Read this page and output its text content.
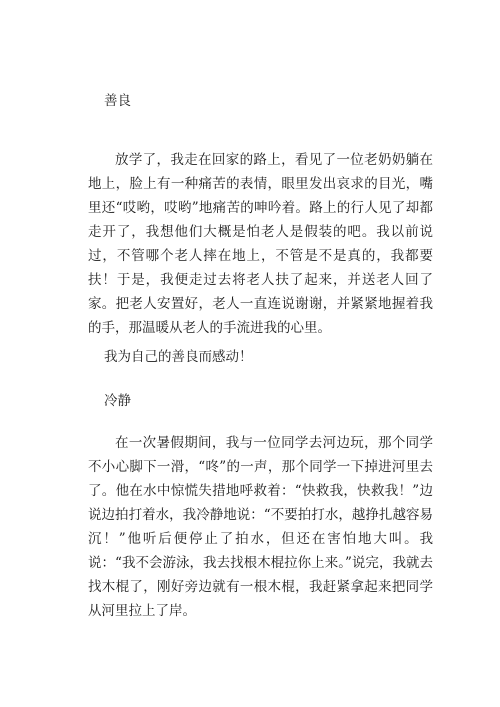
善良

放学了，我走在回家的路上，看见了一位老奶奶躺在地上，脸上有一种痛苦的表情，眼里发出哀求的目光，嘴里还“哎哟，哎哟”地痛苦的呻吟着。路上的行人见了却都走开了，我想他们大概是怕老人是假装的吧。我以前说过，不管哪个老人摔在地上，不管是不是真的，我都要扶！于是，我便走过去将老人扶了起来，并送老人回了家。把老人安置好，老人一直连说谢谢，并紧紧地握着我的手，那温暖从老人的手流进我的心里。

我为自己的善良而感动！
冷静

在一次暑假期间，我与一位同学去河边玩，那个同学不小心脚下一滑，“咚”的一声，那个同学一下掉进河里去了。他在水中惊慌失措地呼救着：“快救我，快救我！”边说边拍打着水，我冷静地说：“不要拍打水，越挣扎越容易沉！”他听后便停止了拍水，但还在害怕地大叫。我说：“我不会游泳，我去找根木棍拉你上来。”说完，我就去找木棍了，刚好旁边就有一根木棍，我赶紧拿起来把同学从河里拉上了岸。
